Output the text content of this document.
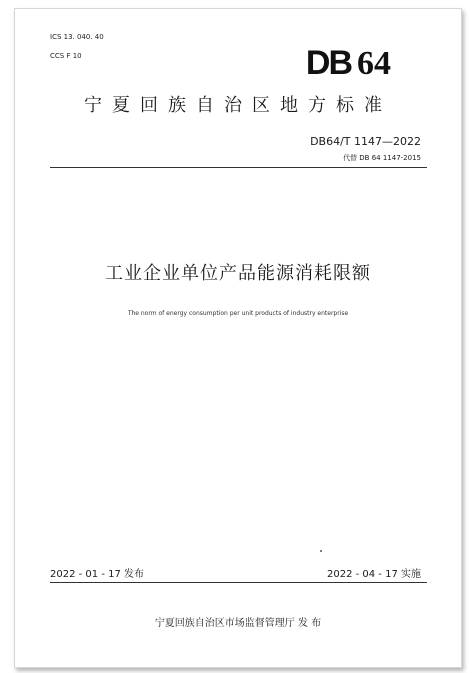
ICS 13. 040. 40
CCS F 10	DB 64
宁夏回族自治区地方标准
DB64/T 1147—2022
代替 DB 64 1147-2015
工业企业单位产品能源消耗限额
The norm of energy consumption per unit products of industry enterprise
2022 - 01 - 17 发布	2022 - 04 - 17 实施
宁夏回族自治区市场监督管理厅 发 布
